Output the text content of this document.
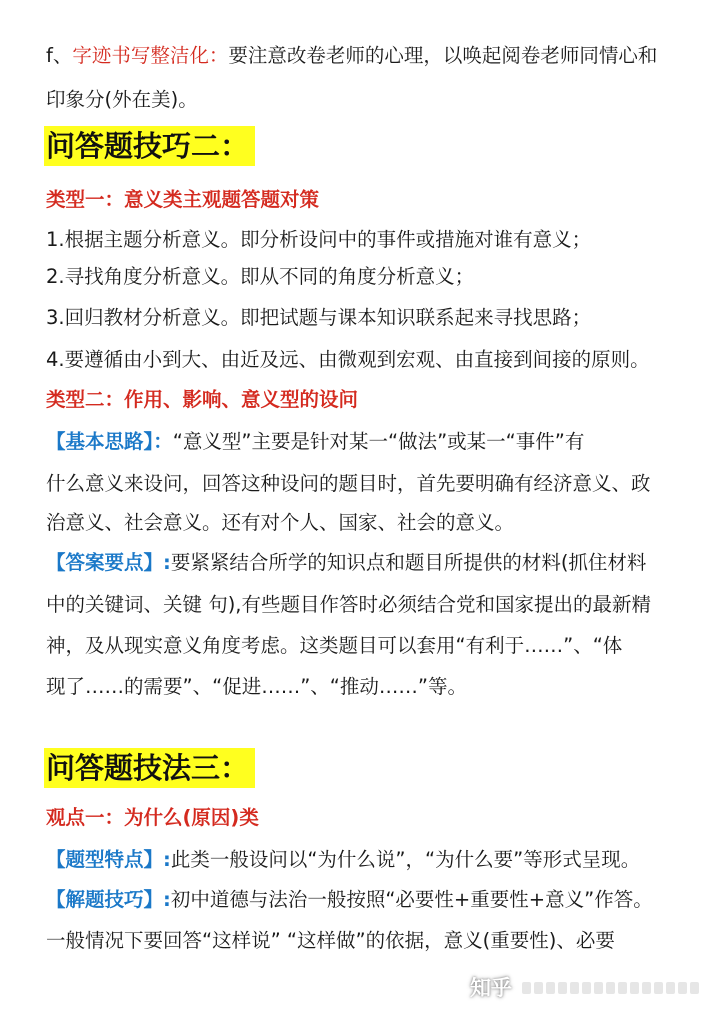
f、字迹书写整洁化：要注意改卷老师的心理，以唤起阅卷老师同情心和
印象分(外在美)。
问答题技巧二：
类型一：意义类主观题答题对策
1.根据主题分析意义。即分析设问中的事件或措施对谁有意义；
2.寻找角度分析意义。即从不同的角度分析意义；
3.回归教材分析意义。即把试题与课本知识联系起来寻找思路；
4.要遵循由小到大、由近及远、由微观到宏观、由直接到间接的原则。
类型二：作用、影响、意义型的设问
【基本思路】：“意义型”主要是针对某一“做法”或某一“事件”有
什么意义来设问，回答这种设问的题目时，首先要明确有经济意义、政
治意义、社会意义。还有对个人、国家、社会的意义。
【答案要点】:要紧紧结合所学的知识点和题目所提供的材料(抓住材料
中的关键词、关键 句),有些题目作答时必须结合党和国家提出的最新精
神，及从现实意义角度考虑。这类题目可以套用“有利于……”、“体
现了……的需要”、“促进……”、“推动……”等。
问答题技法三：
观点一：为什么(原因)类
【题型特点】:此类一般设问以“为什么说”，“为什么要”等形式呈现。
【解题技巧】:初中道德与法治一般按照“必要性+重要性+意义”作答。
一般情况下要回答“这样说” “这样做”的依据，意义(重要性)、必要
知乎
